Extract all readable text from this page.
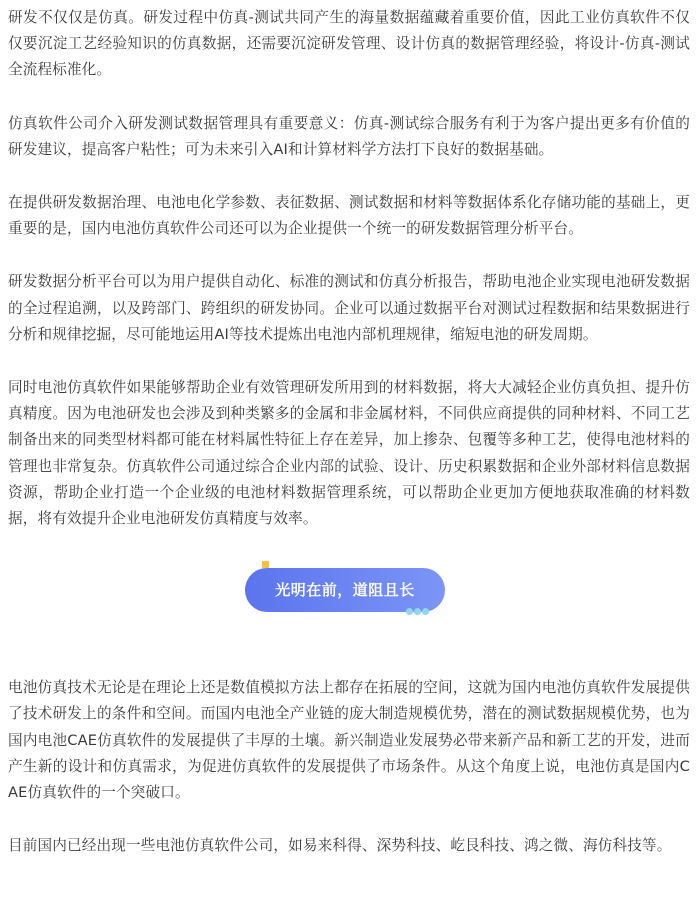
研发不仅仅是仿真。研发过程中仿真-测试共同产生的海量数据蕴藏着重要价值，因此工业仿真软件不仅仅要沉淀工艺经验知识的仿真数据，还需要沉淀研发管理、设计仿真的数据管理经验，将设计-仿真-测试全流程标准化。

仿真软件公司介入研发测试数据管理具有重要意义：仿真-测试综合服务有利于为客户提出更多有价值的研发建议，提高客户粘性；可为未来引入AI和计算材料学方法打下良好的数据基础。

在提供研发数据治理、电池电化学参数、表征数据、测试数据和材料等数据体系化存储功能的基础上，更重要的是，国内电池仿真软件公司还可以为企业提供一个统一的研发数据管理分析平台。

研发数据分析平台可以为用户提供自动化、标准的测试和仿真分析报告，帮助电池企业实现电池研发数据的全过程追溯，以及跨部门、跨组织的研发协同。企业可以通过数据平台对测试过程数据和结果数据进行分析和规律挖掘，尽可能地运用AI等技术提炼出电池内部机理规律，缩短电池的研发周期。

同时电池仿真软件如果能够帮助企业有效管理研发所用到的材料数据，将大大减轻企业仿真负担、提升仿真精度。因为电池研发也会涉及到种类繁多的金属和非金属材料，不同供应商提供的同种材料、不同工艺制备出来的同类型材料都可能在材料属性特征上存在差异，加上掺杂、包覆等多种工艺，使得电池材料的管理也非常复杂。仿真软件公司通过综合企业内部的试验、设计、历史积累数据和企业外部材料信息数据资源，帮助企业打造一个企业级的电池材料数据管理系统，可以帮助企业更加方便地获取准确的材料数据，将有效提升企业电池研发仿真精度与效率。

光明在前，道阻且长

电池仿真技术无论是在理论上还是数值模拟方法上都存在拓展的空间，这就为国内电池仿真软件发展提供了技术研发上的条件和空间。而国内电池全产业链的庞大制造规模优势，潜在的测试数据规模优势，也为国内电池CAE仿真软件的发展提供了丰厚的土壤。新兴制造业发展势必带来新产品和新工艺的开发，进而产生新的设计和仿真需求，为促进仿真软件的发展提供了市场条件。从这个角度上说，电池仿真是国内CAE仿真软件的一个突破口。

目前国内已经出现一些电池仿真软件公司，如易来科得、深势科技、屹艮科技、鸿之微、海仿科技等。
